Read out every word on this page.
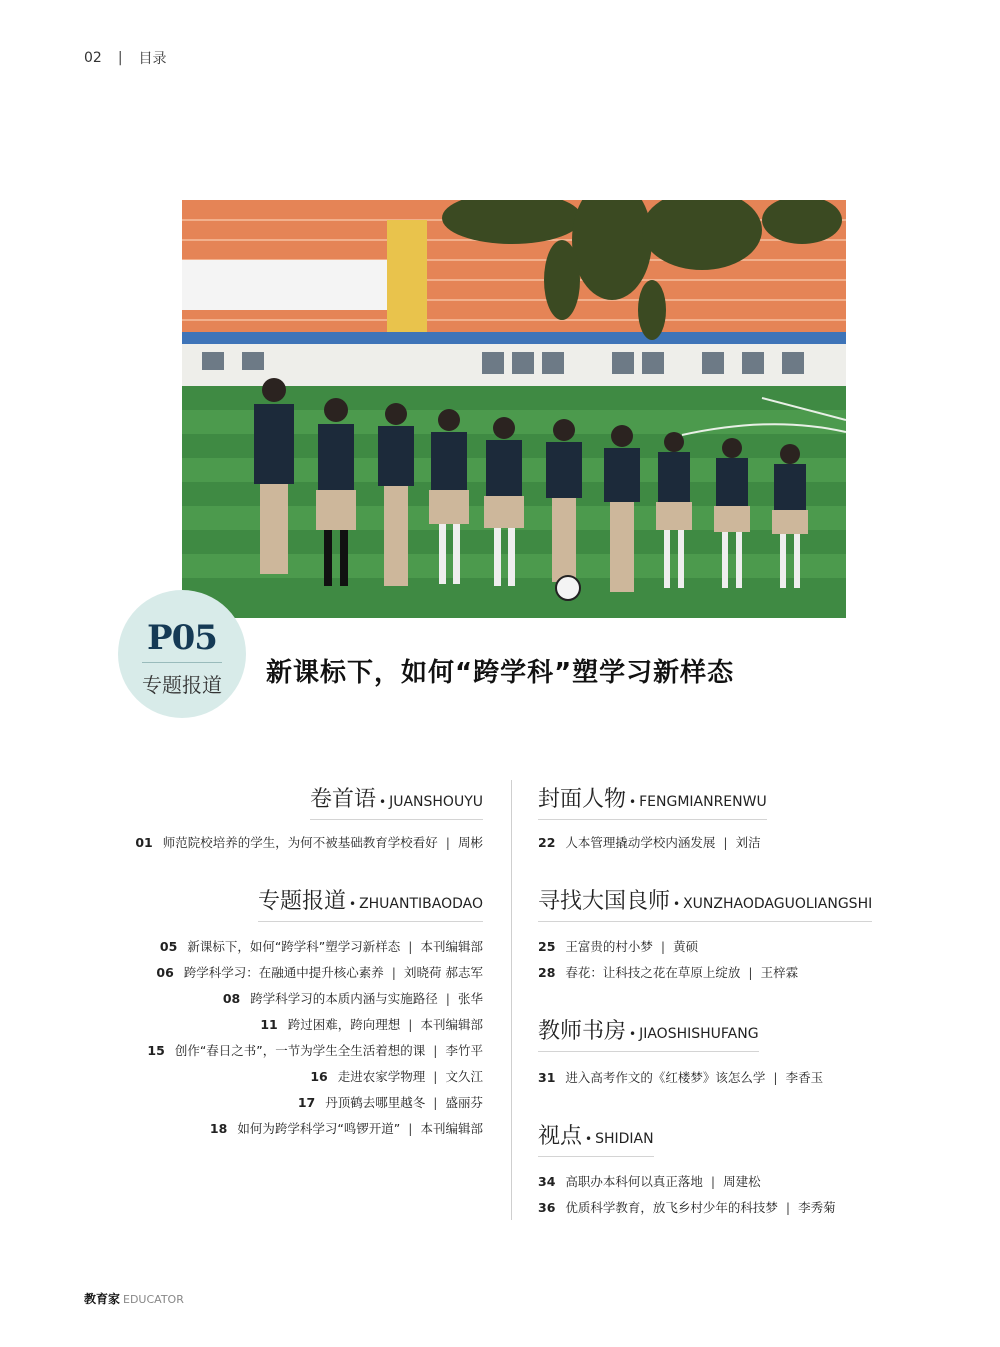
02 | 目录
P05
专题报道	新课标下，如何“跨学科”塑学习新样态
卷首语 • JUANSHOUYU
01 师范院校培养的学生，为何不被基础教育学校看好 | 周彬
专题报道 • ZHUANTIBAODAO
05 新课标下，如何“跨学科”塑学习新样态 | 本刊编辑部
06 跨学科学习：在融通中提升核心素养 | 刘晓荷 郝志军
08 跨学科学习的本质内涵与实施路径 | 张华
11 跨过困难，跨向理想 | 本刊编辑部
15 创作“春日之书”，一节为学生全生活着想的课 | 李竹平
16 走进农家学物理 | 文久江
17 丹顶鹤去哪里越冬 | 盛丽芬
18 如何为跨学科学习“鸣锣开道” | 本刊编辑部
封面人物 • FENGMIANRENWU
22 人本管理撬动学校内涵发展 | 刘洁
寻找大国良师 • XUNZHAODAGUOLIANGSHI
25 王富贵的村小梦 | 黄硕
28 春花：让科技之花在草原上绽放 | 王梓霖
教师书房 • JIAOSHISHUFANG
31 进入高考作文的《红楼梦》该怎么学 | 李香玉
视点 • SHIDIAN
34 高职办本科何以真正落地 | 周建松
36 优质科学教育，放飞乡村少年的科技梦 | 李秀菊
教育家 EDUCATOR
